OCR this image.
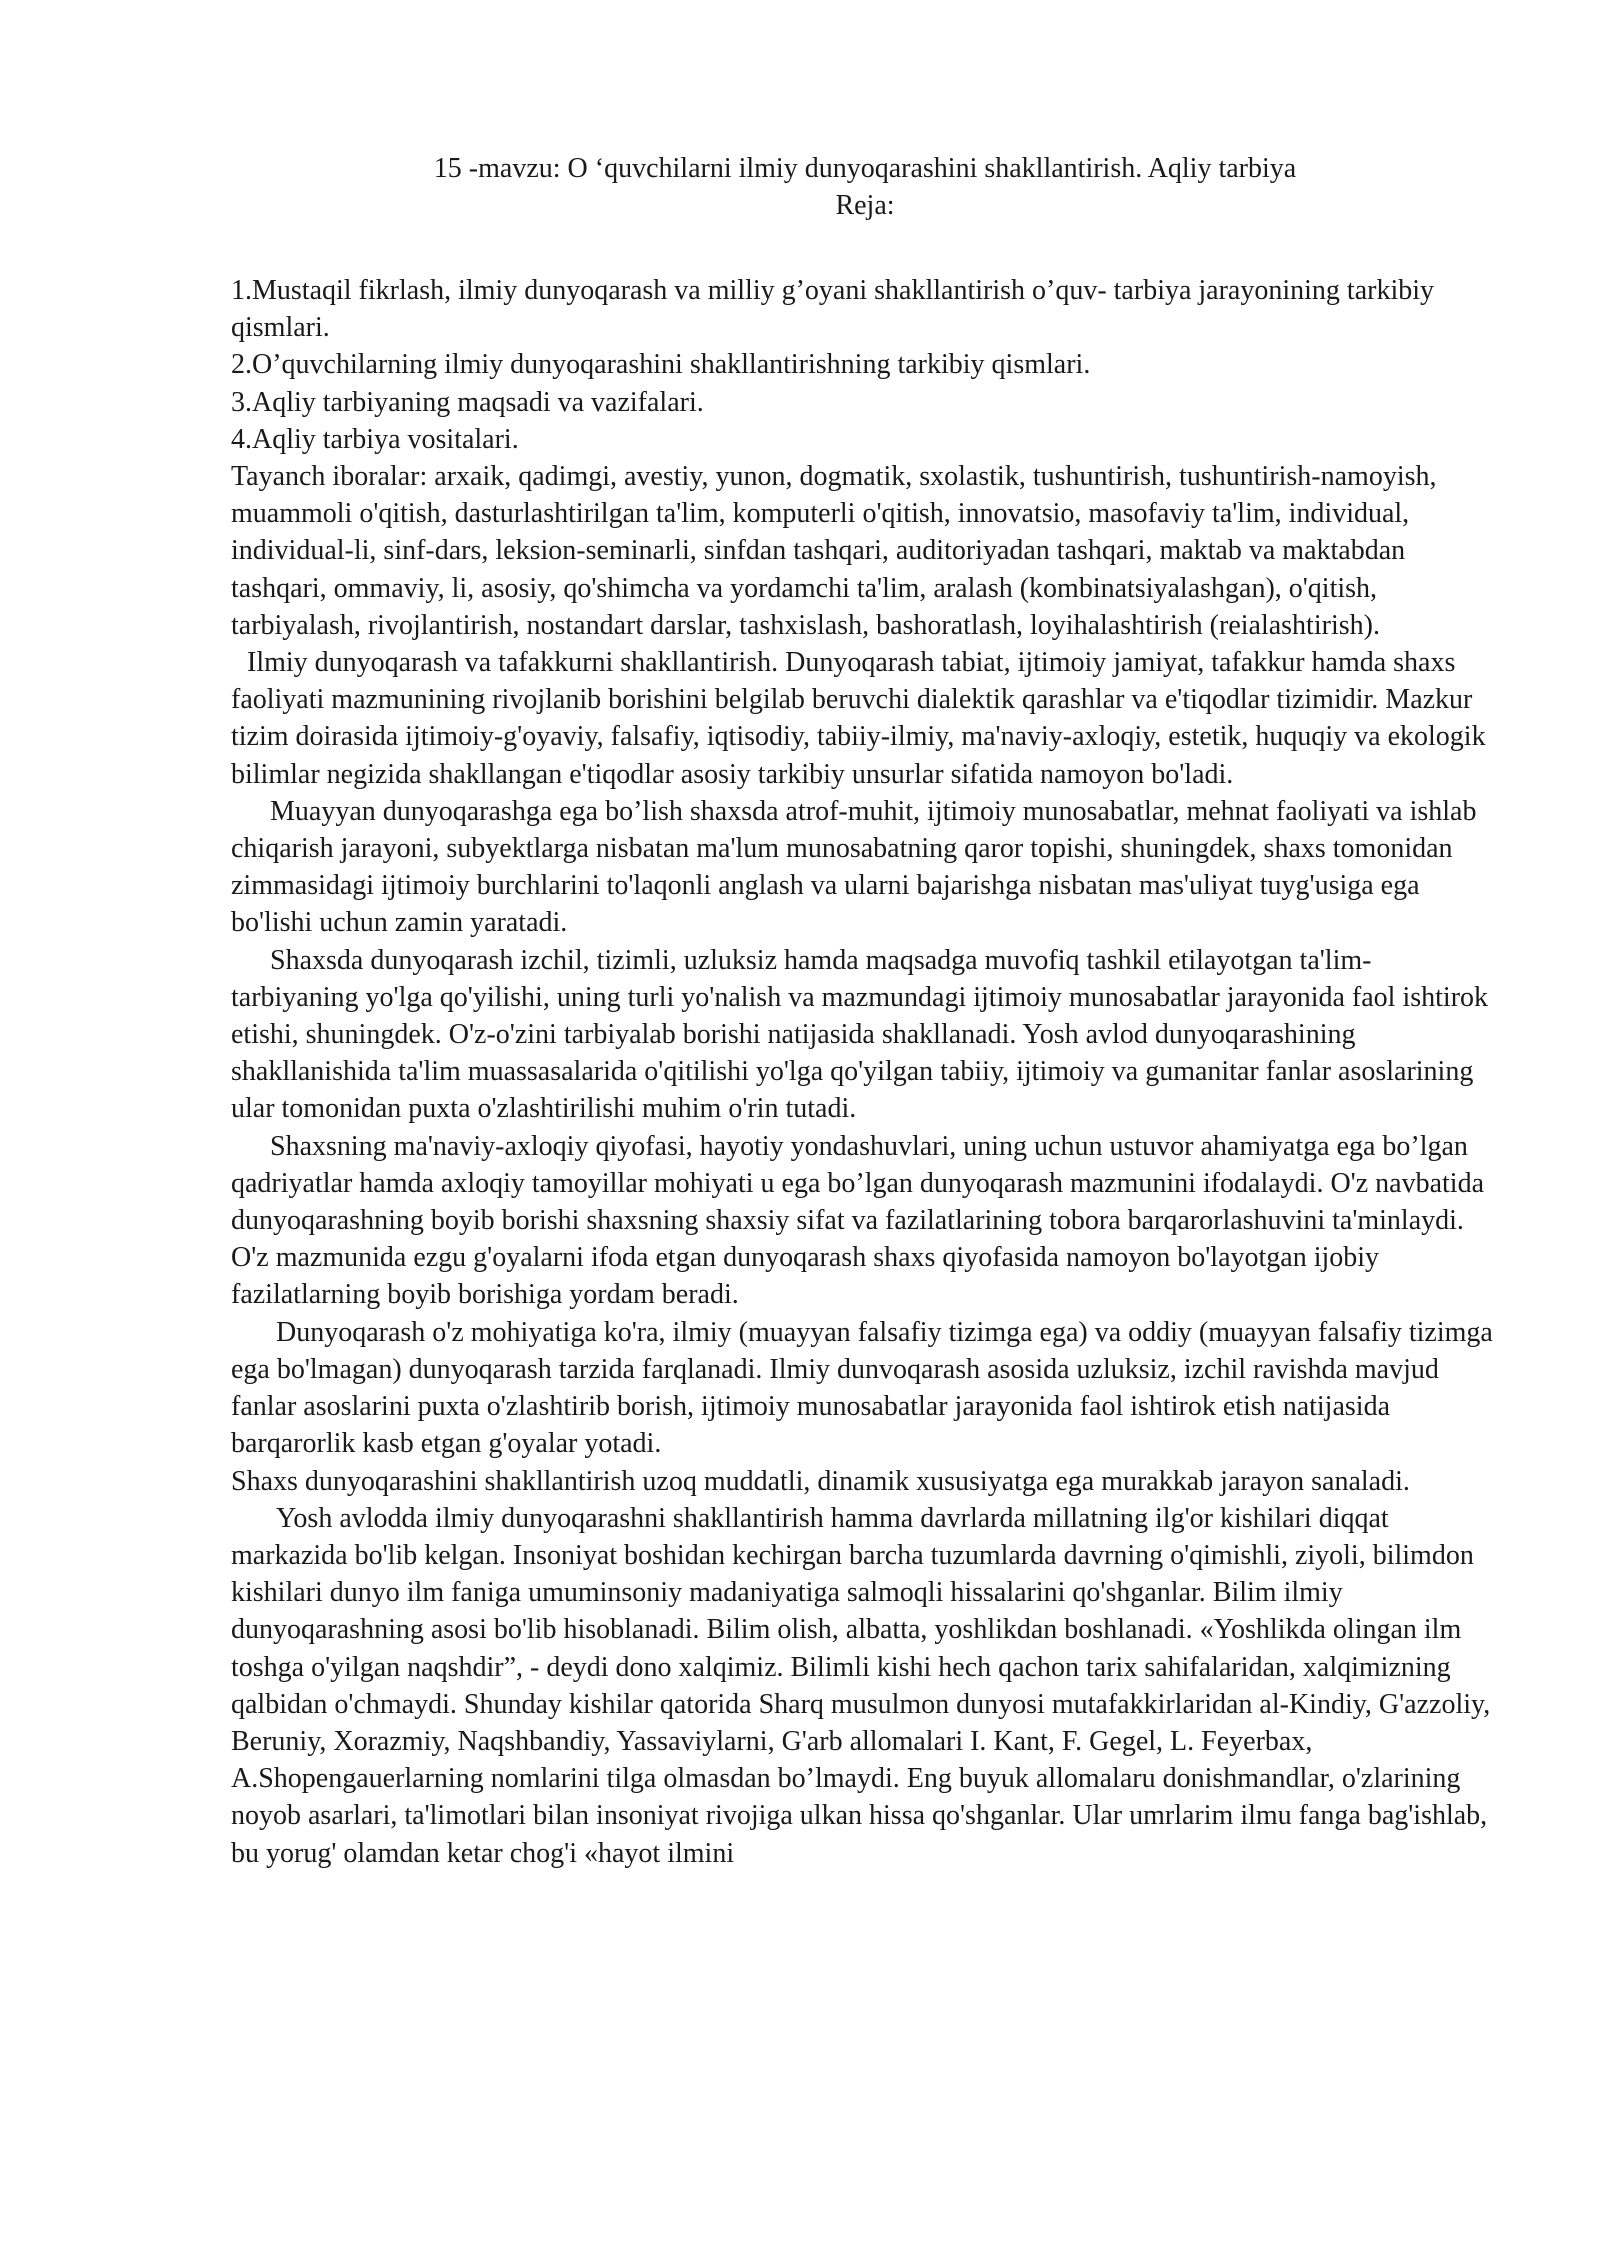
15 -mavzu: O ‘quvchilarni ilmiy dunyoqarashini shakllantirish. Aqliy tarbiya
Reja:

1.Mustaqil fikrlash, ilmiy dunyoqarash va milliy g’oyani shakllantirish o’quv- tarbiya jarayonining tarkibiy qismlari.

2.O’quvchilarning ilmiy dunyoqarashini shakllantirishning tarkibiy qismlari.

3.Aqliy tarbiyaning maqsadi va vazifalari.

4.Aqliy tarbiya vositalari.

Tayanch iboralar: arxaik, qadimgi, avestiy, yunon, dogmatik, sxolastik, tushuntirish, tushuntirish-namoyish, muammoli o'qitish, dasturlashtirilgan ta'lim, komputerli o'qitish, innovatsio, masofaviy ta'lim, individual, individual-li, sinf-dars, leksion-seminarli, sinfdan tashqari, auditoriyadan tashqari, maktab va maktabdan tashqari, ommaviy, li, asosiy, qo'shimcha va yordamchi ta'lim, aralash (kombinatsiyalashgan), o'qitish, tarbiyalash, rivojlantirish, nostandart darslar, tashxislash, bashoratlash, loyihalashtirish (reialashtirish).

Ilmiy dunyoqarash va tafakkurni shakllantirish. Dunyoqarash tabiat, ijtimoiy jamiyat, tafakkur hamda shaxs faoliyati mazmunining rivojlanib borishini belgilab beruvchi dialektik qarashlar va e'tiqodlar tizimidir. Mazkur tizim doirasida ijtimoiy-g'oyaviy, falsafiy, iqtisodiy, tabiiy-ilmiy, ma'naviy-axloqiy, estetik, huquqiy va ekologik bilimlar negizida shakllangan e'tiqodlar asosiy tarkibiy unsurlar sifatida namoyon bo'ladi.

Muayyan dunyoqarashga ega bo’lish shaxsda atrof-muhit, ijtimoiy munosabatlar, mehnat faoliyati va ishlab chiqarish jarayoni, subyektlarga nisbatan ma'lum munosabatning qaror topishi, shuningdek, shaxs tomonidan zimmasidagi ijtimoiy burchlarini to'laqonli anglash va ularni bajarishga nisbatan mas'uliyat tuyg'usiga ega bo'lishi uchun zamin yaratadi.

Shaxsda dunyoqarash izchil, tizimli, uzluksiz hamda maqsadga muvofiq tashkil etilayotgan ta'lim-tarbiyaning yo'lga qo'yilishi, uning turli yo'nalish va mazmundagi ijtimoiy munosabatlar jarayonida faol ishtirok etishi, shuningdek. O'z-o'zini tarbiyalab borishi natijasida shakllanadi. Yosh avlod dunyoqarashining shakllanishida ta'lim muassasalarida o'qitilishi yo'lga qo'yilgan tabiiy, ijtimoiy va gumanitar fanlar asoslarining ular tomonidan puxta o'zlashtirilishi muhim o'rin tutadi.

Shaxsning ma'naviy-axloqiy qiyofasi, hayotiy yondashuvlari, uning uchun ustuvor ahamiyatga ega bo’lgan qadriyatlar hamda axloqiy tamoyillar mohiyati u ega bo’lgan dunyoqarash mazmunini ifodalaydi. O'z navbatida dunyoqarashning boyib borishi shaxsning shaxsiy sifat va fazilatlarining tobora barqarorlashuvini ta'minlaydi. O'z mazmunida ezgu g'oyalarni ifoda etgan dunyoqarash shaxs qiyofasida namoyon bo'layotgan ijobiy fazilatlarning boyib borishiga yordam beradi.

Dunyoqarash o'z mohiyatiga ko'ra, ilmiy (muayyan falsafiy tizimga ega) va oddiy (muayyan falsafiy tizimga ega bo'lmagan) dunyoqarash tarzida farqlanadi. Ilmiy dunvoqarash asosida uzluksiz, izchil ravishda mavjud fanlar asoslarini puxta o'zlashtirib borish, ijtimoiy munosabatlar jarayonida faol ishtirok etish natijasida barqarorlik kasb etgan g'oyalar yotadi.

Shaxs dunyoqarashini shakllantirish uzoq muddatli, dinamik xususiyatga ega murakkab jarayon sanaladi.

Yosh avlodda ilmiy dunyoqarashni shakllantirish hamma davrlarda millatning ilg'or kishilari diqqat markazida bo'lib kelgan. Insoniyat boshidan kechirgan barcha tuzumlarda davrning o'qimishli, ziyoli, bilimdon kishilari dunyo ilm faniga umuminsoniy madaniyatiga salmoqli hissalarini qo'shganlar. Bilim ilmiy dunyoqarashning asosi bo'lib hisoblanadi. Bilim olish, albatta, yoshlikdan boshlanadi. «Yoshlikda olingan ilm toshga o'yilgan naqshdir”, - deydi dono xalqimiz. Bilimli kishi hech qachon tarix sahifalaridan, xalqimizning qalbidan o'chmaydi. Shunday kishilar qatorida Sharq musulmon dunyosi mutafakkirlaridan al-Kindiy, G'azzoliy, Beruniy, Xorazmiy, Naqshbandiy, Yassaviylarni, G'arb allomalari I. Kant, F. Gegel, L. Feyerbax, A.Shopengauerlarning nomlarini tilga olmasdan bo’lmaydi. Eng buyuk allomalaru donishmandlar, o'zlarining noyob asarlari, ta'limotlari bilan insoniyat rivojiga ulkan hissa qo'shganlar. Ular umrlarim ilmu fanga bag'ishlab, bu yorug' olamdan ketar chog'i «hayot ilmini
